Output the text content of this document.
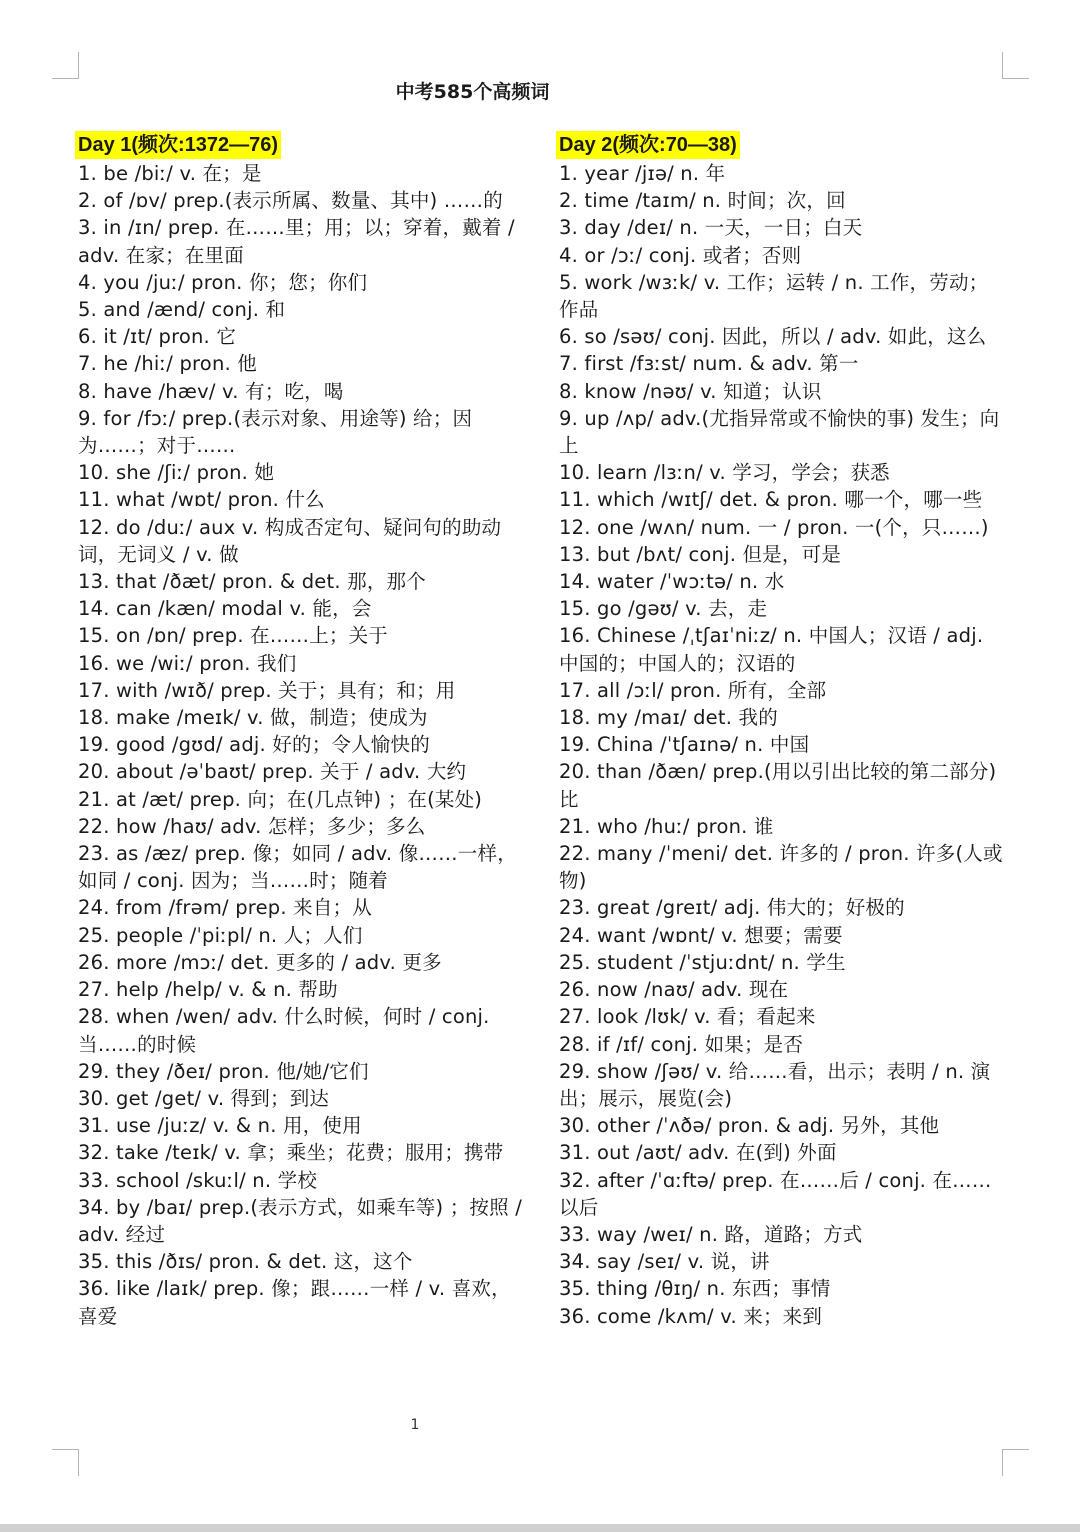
中考585个高频词
Day 1(频次:1372—76)
1. be /biː/ v. 在；是
2. of /ɒv/ prep.(表示所属、数量、其中) ……的
3. in /ɪn/ prep. 在……里；用；以；穿着，戴着 / adv. 在家；在里面
4. you /juː/ pron. 你；您；你们
5. and /ænd/ conj. 和
6. it /ɪt/ pron. 它
7. he /hiː/ pron. 他
8. have /hæv/ v. 有；吃，喝
9. for /fɔː/ prep.(表示对象、用途等) 给；因为……；对于……
10. she /ʃiː/ pron. 她
11. what /wɒt/ pron. 什么
12. do /duː/ aux v. 构成否定句、疑问句的助动词，无词义 / v. 做
13. that /ðæt/ pron. & det. 那，那个
14. can /kæn/ modal v. 能，会
15. on /ɒn/ prep. 在……上；关于
16. we /wiː/ pron. 我们
17. with /wɪð/ prep. 关于；具有；和；用
18. make /meɪk/ v. 做，制造；使成为
19. good /gʊd/ adj. 好的；令人愉快的
20. about /əˈbaʊt/ prep. 关于 / adv. 大约
21. at /æt/ prep. 向；在(几点钟) ；在(某处)
22. how /haʊ/ adv. 怎样；多少；多么
23. as /æz/ prep. 像；如同 / adv. 像……一样，如同 / conj. 因为；当……时；随着
24. from /frəm/ prep. 来自；从
25. people /ˈpiːpl/ n. 人；人们
26. more /mɔː/ det. 更多的 / adv. 更多
27. help /help/ v. & n. 帮助
28. when /wen/ adv. 什么时候，何时 / conj. 当……的时候
29. they /ðeɪ/ pron. 他/她/它们
30. get /get/ v. 得到；到达
31. use /juːz/ v. & n. 用，使用
32. take /teɪk/ v. 拿；乘坐；花费；服用；携带
33. school /skuːl/ n. 学校
34. by /baɪ/ prep.(表示方式，如乘车等) ；按照 / adv. 经过
35. this /ðɪs/ pron. & det. 这，这个
36. like /laɪk/ prep. 像；跟……一样 / v. 喜欢，喜爱
Day 2(频次:70—38)
1. year /jɪə/ n. 年
2. time /taɪm/ n. 时间；次，回
3. day /deɪ/ n. 一天，一日；白天
4. or /ɔː/ conj. 或者；否则
5. work /wɜːk/ v. 工作；运转 / n. 工作，劳动；作品
6. so /səʊ/ conj. 因此，所以 / adv. 如此，这么
7. first /fɜːst/ num. & adv. 第一
8. know /nəʊ/ v. 知道；认识
9. up /ʌp/ adv.(尤指异常或不愉快的事) 发生；向上
10. learn /lɜːn/ v. 学习，学会；获悉
11. which /wɪtʃ/ det. & pron. 哪一个，哪一些
12. one /wʌn/ num. 一 / pron. 一(个，只……)
13. but /bʌt/ conj. 但是，可是
14. water /ˈwɔːtə/ n. 水
15. go /gəʊ/ v. 去，走
16. Chinese /ˌtʃaɪˈniːz/ n. 中国人；汉语 / adj. 中国的；中国人的；汉语的
17. all /ɔːl/ pron. 所有，全部
18. my /maɪ/ det. 我的
19. China /ˈtʃaɪnə/ n. 中国
20. than /ðæn/ prep.(用以引出比较的第二部分) 比
21. who /huː/ pron. 谁
22. many /ˈmeni/ det. 许多的 / pron. 许多(人或物)
23. great /greɪt/ adj. 伟大的；好极的
24. want /wɒnt/ v. 想要；需要
25. student /ˈstjuːdnt/ n. 学生
26. now /naʊ/ adv. 现在
27. look /lʊk/ v. 看；看起来
28. if /ɪf/ conj. 如果；是否
29. show /ʃəʊ/ v. 给……看，出示；表明 / n. 演出；展示，展览(会)
30. other /ˈʌðə/ pron. & adj. 另外，其他
31. out /aʊt/ adv. 在(到) 外面
32. after /ˈɑːftə/ prep. 在……后 / conj. 在……以后
33. way /weɪ/ n. 路，道路；方式
34. say /seɪ/ v. 说，讲
35. thing /θɪŋ/ n. 东西；事情
36. come /kʌm/ v. 来；来到
1
